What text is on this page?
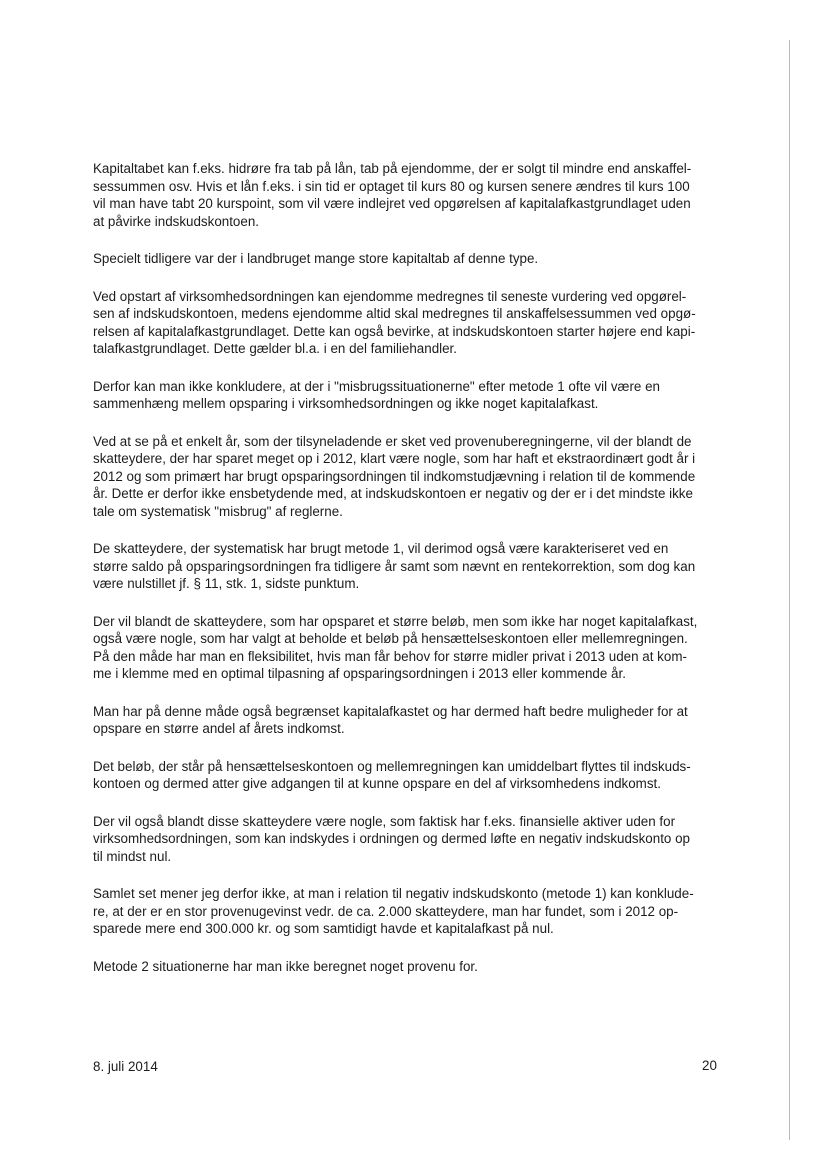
Kapitaltabet kan f.eks. hidrøre fra tab på lån, tab på ejendomme, der er solgt til mindre end anskaffel-
sessummen osv. Hvis et lån f.eks. i sin tid er optaget til kurs 80 og kursen senere ændres til kurs 100
vil man have tabt 20 kurspoint, som vil være indlejret ved opgørelsen af kapitalafkastgrundlaget uden
at påvirke indskudskontoen.

Specielt tidligere var der i landbruget mange store kapitaltab af denne type.

Ved opstart af virksomhedsordningen kan ejendomme medregnes til seneste vurdering ved opgørel-
sen af indskudskontoen, medens ejendomme altid skal medregnes til anskaffelsessummen ved opgø-
relsen af kapitalafkastgrundlaget. Dette kan også bevirke, at indskudskontoen starter højere end kapi-
talafkastgrundlaget. Dette gælder bl.a. i en del familiehandler.

Derfor kan man ikke konkludere, at der i "misbrugssituationerne" efter metode 1 ofte vil være en
sammenhæng mellem opsparing i virksomhedsordningen og ikke noget kapitalafkast.

Ved at se på et enkelt år, som der tilsyneladende er sket ved provenuberegningerne, vil der blandt de
skatteydere, der har sparet meget op i 2012, klart være nogle, som har haft et ekstraordinært godt år i
2012 og som primært har brugt opsparingsordningen til indkomstudjævning i relation til de kommende
år. Dette er derfor ikke ensbetydende med, at indskudskontoen er negativ og der er i det mindste ikke
tale om systematisk "misbrug" af reglerne.

De skatteydere, der systematisk har brugt metode 1, vil derimod også være karakteriseret ved en
større saldo på opsparingsordningen fra tidligere år samt som nævnt en rentekorrektion, som dog kan
være nulstillet jf. § 11, stk. 1, sidste punktum.

Der vil blandt de skatteydere, som har opsparet et større beløb, men som ikke har noget kapitalafkast,
også være nogle, som har valgt at beholde et beløb på hensættelseskontoen eller mellemregningen.
På den måde har man en fleksibilitet, hvis man får behov for større midler privat i 2013 uden at kom-
me i klemme med en optimal tilpasning af opsparingsordningen i 2013 eller kommende år.

Man har på denne måde også begrænset kapitalafkastet og har dermed haft bedre muligheder for at
opspare en større andel af årets indkomst.

Det beløb, der står på hensættelseskontoen og mellemregningen kan umiddelbart flyttes til indskuds-
kontoen og dermed atter give adgangen til at kunne opspare en del af virksomhedens indkomst.

Der vil også blandt disse skatteydere være nogle, som faktisk har f.eks. finansielle aktiver uden for
virksomhedsordningen, som kan indskydes i ordningen og dermed løfte en negativ indskudskonto op
til mindst nul.

Samlet set mener jeg derfor ikke, at man i relation til negativ indskudskonto (metode 1) kan konklude-
re, at der er en stor provenugevinst vedr. de ca. 2.000 skatteydere, man har fundet, som i 2012 op-
sparede mere end 300.000 kr. og som samtidigt havde et kapitalafkast på nul.

Metode 2 situationerne har man ikke beregnet noget provenu for.

8. juli 2014	20
